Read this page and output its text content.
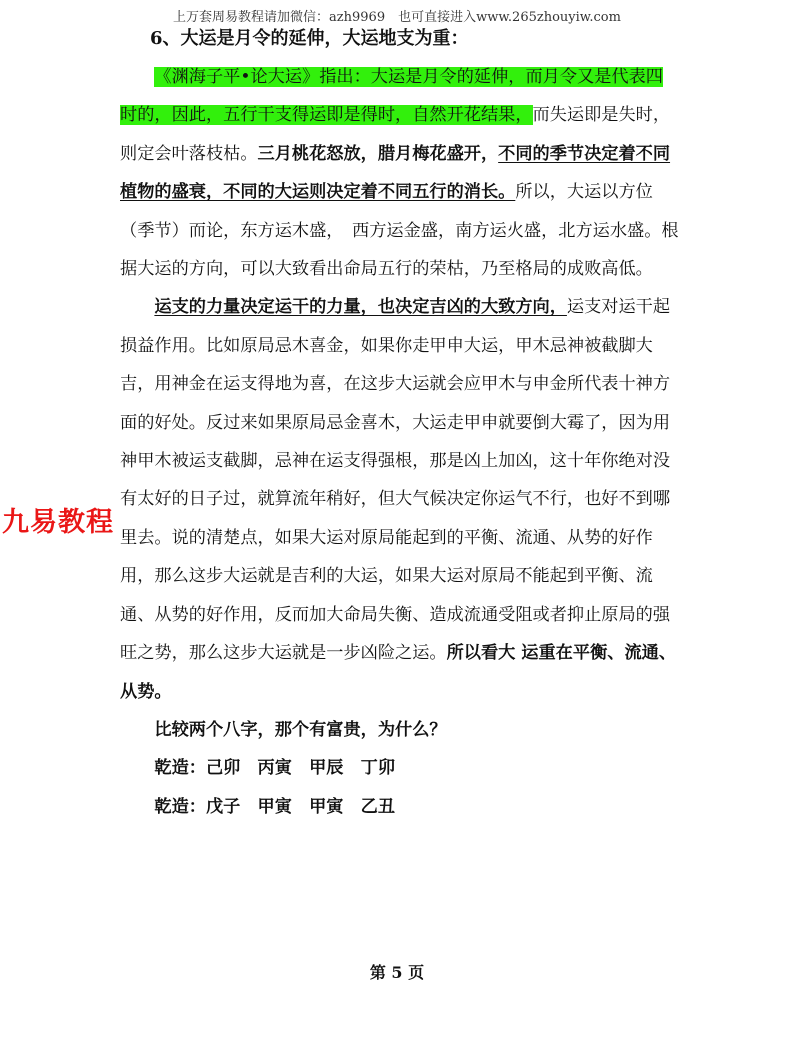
上万套周易教程请加微信：azh9969　也可直接进入www.265zhouyiw.com
6、大运是月令的延伸，大运地支为重：

《渊海子平•论大运》指出：大运是月令的延伸，而月令又是代表四时的，因此，五行干支得运即是得时，自然开花结果，而失运即是失时，则定会叶落枝枯。三月桃花怒放，腊月梅花盛开，不同的季节决定着不同植物的盛衰，不同的大运则决定着不同五行的消长。所以，大运以方位（季节）而论，东方运木盛，　西方运金盛，南方运火盛，北方运水盛。根据大运的方向，可以大致看出命局五行的荣枯，乃至格局的成败高低。

运支的力量决定运干的力量，也决定吉凶的大致方向，运支对运干起损益作用。比如原局忌木喜金，如果你走甲申大运，甲木忌神被截脚大吉，用神金在运支得地为喜，在这步大运就会应甲木与申金所代表十神方面的好处。反过来如果原局忌金喜木，大运走甲申就要倒大霉了，因为用神甲木被运支截脚，忌神在运支得强根，那是凶上加凶，这十年你绝对没有太好的日子过，就算流年稍好，但大气候决定你运气不行，也好不到哪里去。说的清楚点，如果大运对原局能起到的平衡、流通、从势的好作用，那么这步大运就是吉利的大运，如果大运对原局不能起到平衡、流通、从势的好作用，反而加大命局失衡、造成流通受阻或者抑止原局的强旺之势，那么这步大运就是一步凶险之运。所以看大 运重在平衡、流通、从势。

比较两个八字，那个有富贵，为什么？

乾造：己卯　丙寅　甲辰　丁卯

乾造：戊子　甲寅　甲寅　乙丑

九易教程
第 5 页
